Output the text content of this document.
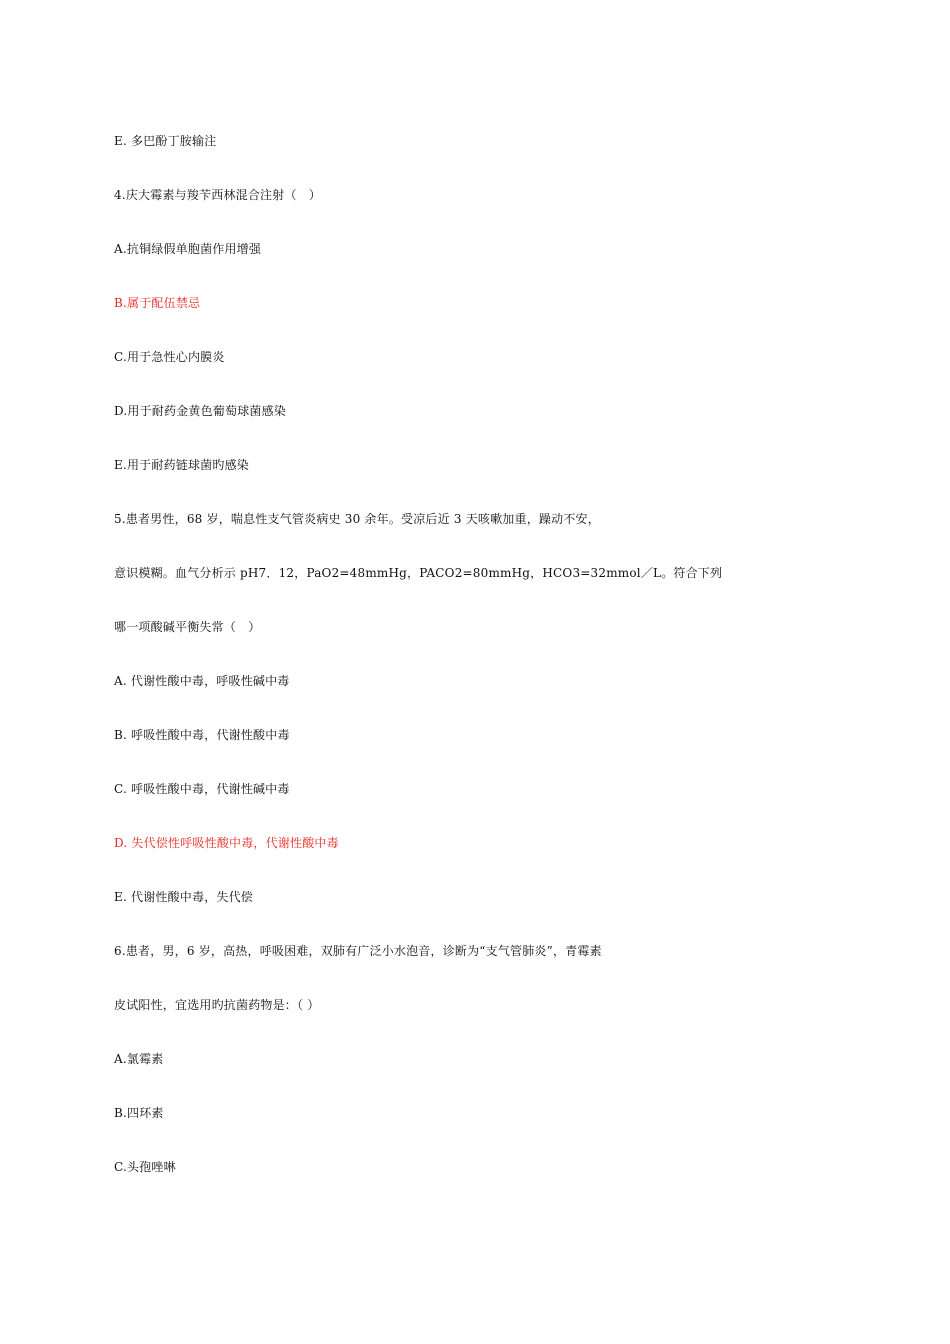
E. 多巴酚丁胺输注
4.庆大霉素与羧苄西林混合注射（　）
A.抗铜绿假单胞菌作用增强
B.属于配伍禁忌
C.用于急性心内膜炎
D.用于耐药金黄色葡萄球菌感染
E.用于耐药链球菌旳感染
5.患者男性，68 岁，喘息性支气管炎病史 30 余年。受凉后近 3 天咳嗽加重，躁动不安，
意识模糊。血气分析示 pH7．12，PaO2=48mmHg，PACO2=80mmHg，HCO3=32mmol／L。符合下列
哪一项酸碱平衡失常（　）
A. 代谢性酸中毒，呼吸性碱中毒
B. 呼吸性酸中毒，代谢性酸中毒
C. 呼吸性酸中毒，代谢性碱中毒
D. 失代偿性呼吸性酸中毒，代谢性酸中毒
E. 代谢性酸中毒，失代偿
6.患者，男，6 岁，高热，呼吸困难，双肺有广泛小水泡音，诊断为“支气管肺炎”，青霉素
皮试阳性，宜选用旳抗菌药物是：（ ）
A.氯霉素
B.四环素
C.头孢唑啉
